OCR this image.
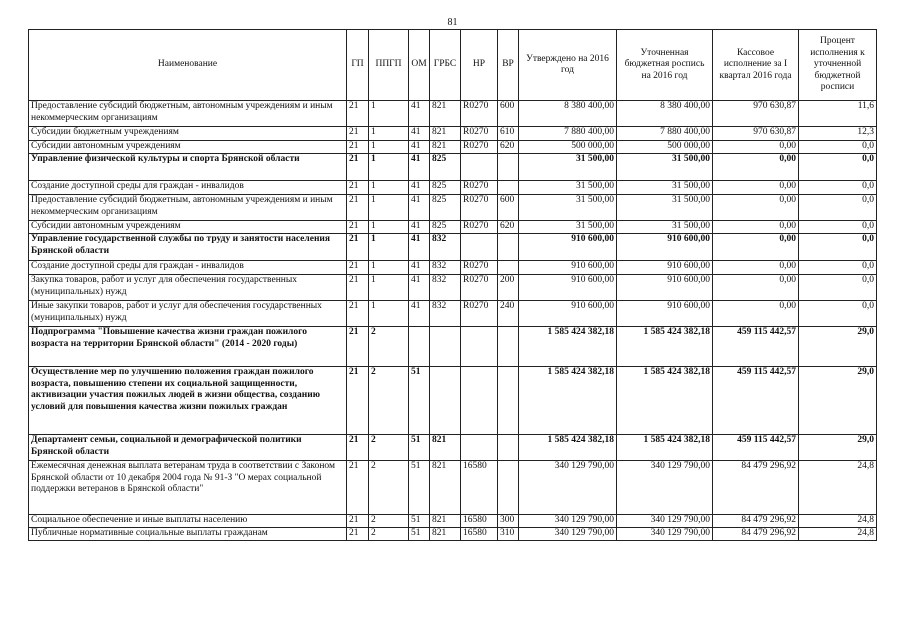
81
Наименование	ГП	ППГП	ОМ	ГРБС	НР	ВР	Утверждено на 2016 год	Уточненная бюджетная роспись на 2016 год	Кассовое исполнение за I квартал 2016 года	Процент исполнения к уточненной бюджетной росписи
Предоставление субсидий бюджетным, автономным учреждениям и иным некоммерческим организациям	21	1	41	821	R0270	600	8 380 400,00	8 380 400,00	970 630,87	11,6
Субсидии бюджетным учреждениям	21	1	41	821	R0270	610	7 880 400,00	7 880 400,00	970 630,87	12,3
Субсидии автономным учреждениям	21	1	41	821	R0270	620	500 000,00	500 000,00	0,00	0,0
Управление физической культуры и спорта Брянской области	21	1	41	825			31 500,00	31 500,00	0,00	0,0
Создание доступной среды для граждан - инвалидов	21	1	41	825	R0270		31 500,00	31 500,00	0,00	0,0
Предоставление субсидий бюджетным, автономным учреждениям и иным некоммерческим организациям	21	1	41	825	R0270	600	31 500,00	31 500,00	0,00	0,0
Субсидии автономным учреждениям	21	1	41	825	R0270	620	31 500,00	31 500,00	0,00	0,0
Управление государственной службы по труду и занятости населения Брянской области	21	1	41	832			910 600,00	910 600,00	0,00	0,0
Создание доступной среды для граждан - инвалидов	21	1	41	832	R0270		910 600,00	910 600,00	0,00	0,0
Закупка товаров, работ и услуг для обеспечения государственных (муниципальных) нужд	21	1	41	832	R0270	200	910 600,00	910 600,00	0,00	0,0
Иные закупки товаров, работ и услуг для обеспечения государственных (муниципальных) нужд	21	1	41	832	R0270	240	910 600,00	910 600,00	0,00	0,0
Подпрограмма "Повышение качества жизни граждан пожилого возраста на территории Брянской области" (2014 - 2020 годы)	21	2					1 585 424 382,18	1 585 424 382,18	459 115 442,57	29,0
Осуществление мер по улучшению положения граждан пожилого возраста, повышению степени их социальной защищенности, активизации участия пожилых людей в жизни общества, созданию условий для повышения качества жизни пожилых граждан	21	2	51				1 585 424 382,18	1 585 424 382,18	459 115 442,57	29,0
Департамент семьи, социальной и демографической политики Брянской области	21	2	51	821			1 585 424 382,18	1 585 424 382,18	459 115 442,57	29,0
Ежемесячная денежная выплата ветеранам труда в соответствии с Законом Брянской области от 10 декабря 2004 года № 91-З "О мерах социальной поддержки ветеранов в Брянской области"	21	2	51	821	16580		340 129 790,00	340 129 790,00	84 479 296,92	24,8
Социальное обеспечение и иные выплаты населению	21	2	51	821	16580	300	340 129 790,00	340 129 790,00	84 479 296,92	24,8
Публичные нормативные социальные выплаты гражданам	21	2	51	821	16580	310	340 129 790,00	340 129 790,00	84 479 296,92	24,8
